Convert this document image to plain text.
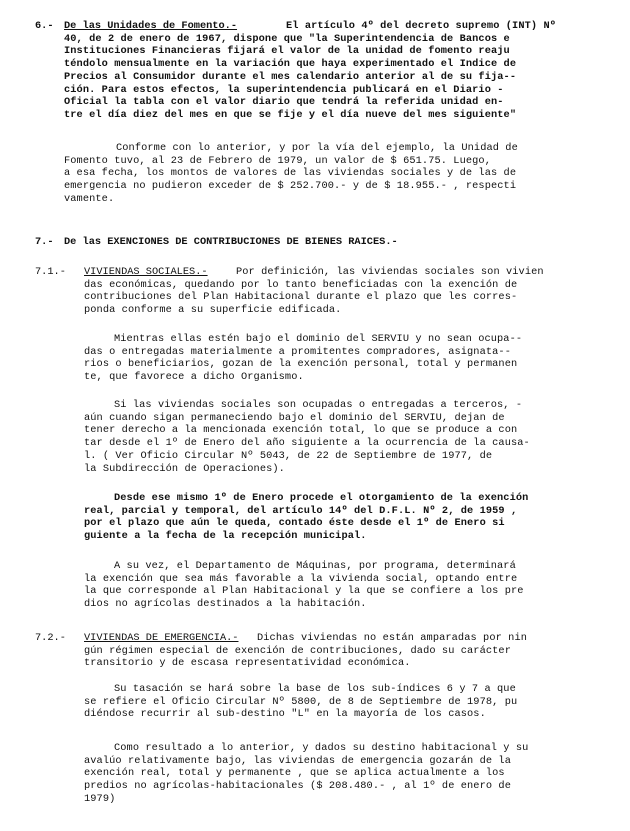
6.- De las Unidades de Fomento.-	El artículo 4º del decreto supremo (INT) Nº
40, de 2 de enero de 1967, dispone que "la Superintendencia de Bancos e
Instituciones Financieras fijará el valor de la unidad de fomento reaju
téndolo mensualmente en la variación que haya experimentado el Indice de
Precios al Consumidor durante el mes calendario anterior al de su fija--
ción. Para estos efectos, la superintendencia publicará en el Diario -
Oficial la tabla con el valor diario que tendrá la referida unidad en-
tre el día diez del mes en que se fije y el día nueve del mes siguiente"
Conforme con lo anterior, y por la vía del ejemplo, la Unidad de
Fomento tuvo, al 23 de Febrero de 1979, un valor de $ 651.75. Luego,
a esa fecha, los montos de valores de las viviendas sociales y de las de
emergencia no pudieron exceder de $ 252.700.- y de $ 18.955.- , respecti
vamente.
7.- De las EXENCIONES DE CONTRIBUCIONES DE BIENES RAICES.-
7.1.- VIVIENDAS SOCIALES.-	Por definición, las viviendas sociales son vivien
das económicas, quedando por lo tanto beneficiadas con la exención de
contribuciones del Plan Habitacional durante el plazo que les corres-
ponda conforme a su superficie edificada.
Mientras ellas estén bajo el dominio del SERVIU y no sean ocupa--
das o entregadas materialmente a promitentes compradores, asignata--
rios o beneficiarios, gozan de la exención personal, total y permanen
te, que favorece a dicho Organismo.
Si las viviendas sociales son ocupadas o entregadas a terceros, -
aún cuando sigan permaneciendo bajo el dominio del SERVIU, dejan de
tener derecho a la mencionada exención total, lo que se produce a con
tar desde el 1º de Enero del año siguiente a la ocurrencia de la causa-
l. ( Ver Oficio Circular Nº 5043, de 22 de Septiembre de 1977, de
la Subdirección de Operaciones).
Desde ese mismo 1º de Enero procede el otorgamiento de la exención
real, parcial y temporal, del artículo 14º del D.F.L. Nº 2, de 1959 ,
por el plazo que aún le queda, contado éste desde el 1º de Enero si
guiente a la fecha de la recepción municipal.
A su vez, el Departamento de Máquinas, por programa, determinará
la exención que sea más favorable a la vivienda social, optando entre
la que corresponde al Plan Habitacional y la que se confiere a los pre
dios no agrícolas destinados a la habitación.
7.2.- VIVIENDAS DE EMERGENCIA.-	Dichas viviendas no están amparadas por nin
gún régimen especial de exención de contribuciones, dado su carácter
transitorio y de escasa representatividad económica.
Su tasación se hará sobre la base de los sub-índices 6 y 7 a que
se refiere el Oficio Circular Nº 5800, de 8 de Septiembre de 1978, pu
diéndose recurrir al sub-destino "L" en la mayoría de los casos.
Como resultado a lo anterior, y dados su destino habitacional y su
avalúo relativamente bajo, las viviendas de emergencia gozarán de la
exención real, total y permanente , que se aplica actualmente a los
predios no agrícolas-habitacionales ($ 208.480.- , al 1º de enero de
1979)
